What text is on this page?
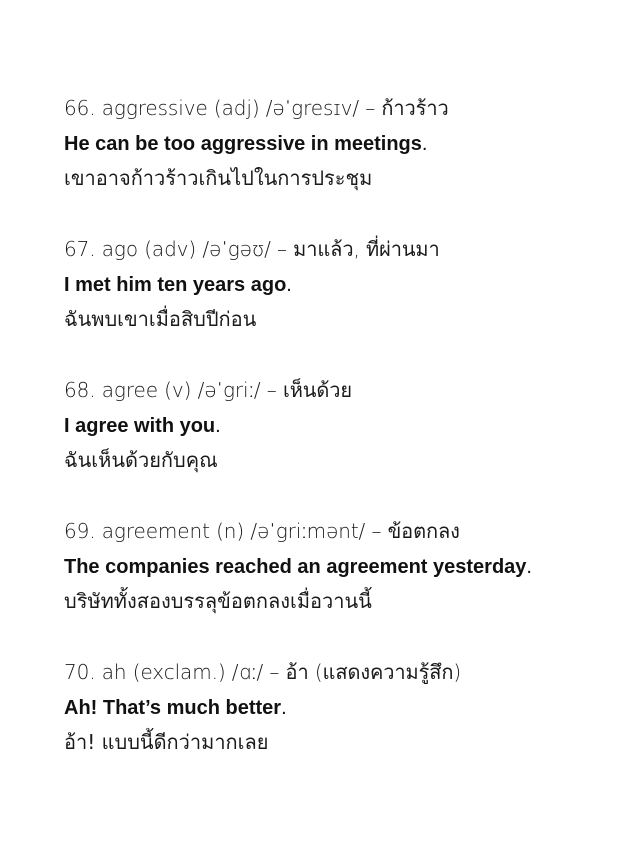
66. aggressive (adj) /əˈgresɪv/ – ก้าวร้าว
He can be too aggressive in meetings.
เขาอาจก้าวร้าวเกินไปในการประชุม
67. ago (adv) /əˈgəʊ/ – มาแล้ว, ที่ผ่านมา
I met him ten years ago.
ฉันพบเขาเมื่อสิบปีก่อน
68. agree (v) /əˈgriː/ – เห็นด้วย
I agree with you.
ฉันเห็นด้วยกับคุณ
69. agreement (n) /əˈgriːmənt/ – ข้อตกลง
The companies reached an agreement yesterday.
บริษัททั้งสองบรรลุข้อตกลงเมื่อวานนี้
70. ah (exclam.) /ɑː/ – อ้า (แสดงความรู้สึก)
Ah! That’s much better.
อ้า! แบบนี้ดีกว่ามากเลย
